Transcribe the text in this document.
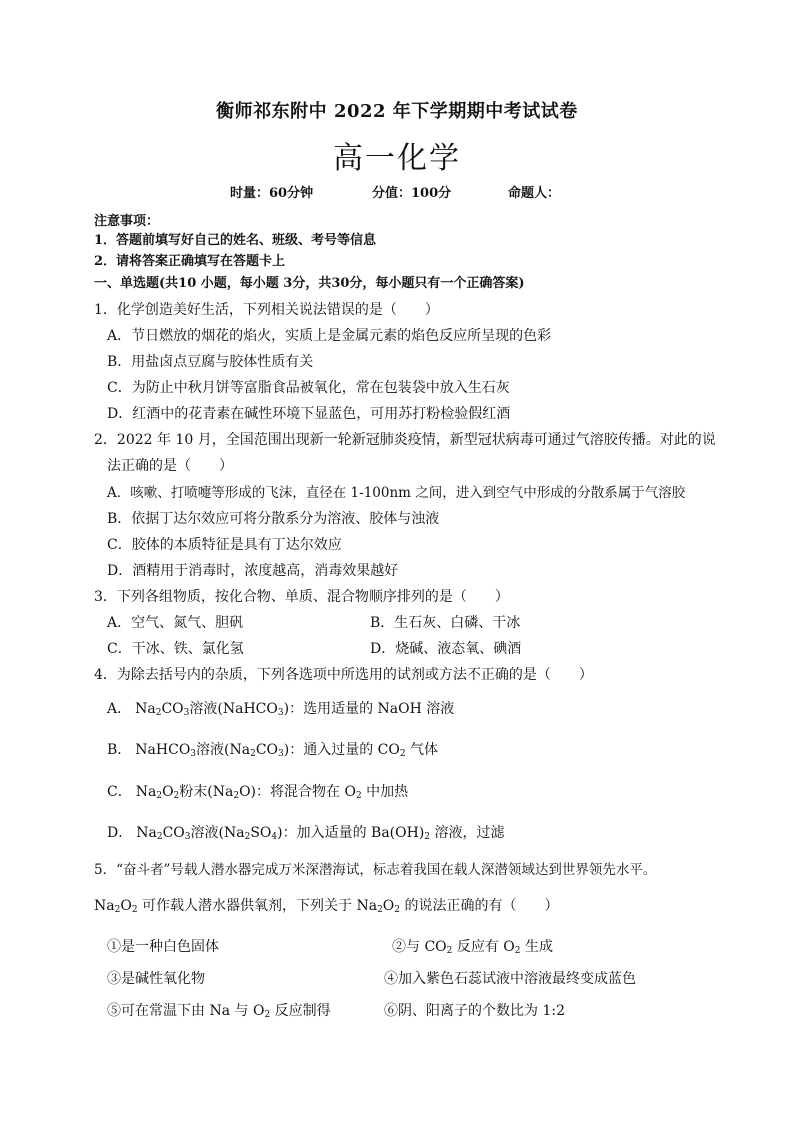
衡师祁东附中 2022 年下学期期中考试试卷
高一化学
时量：60分钟	分值：100分	命题人：
注意事项：
1．答题前填写好自己的姓名、班级、考号等信息
2．请将答案正确填写在答题卡上
一、单选题(共10 小题，每小题 3分，共30分，每小题只有一个正确答案)
1．化学创造美好生活，下列相关说法错误的是（　　）
A．节日燃放的烟花的焰火，实质上是金属元素的焰色反应所呈现的色彩
B．用盐卤点豆腐与胶体性质有关
C．为防止中秋月饼等富脂食品被氧化，常在包装袋中放入生石灰
D．红酒中的花青素在碱性环境下显蓝色，可用苏打粉检验假红酒
2．2022 年 10 月，全国范围出现新一轮新冠肺炎疫情，新型冠状病毒可通过气溶胶传播。对此的说
法正确的是（　　）
A．咳嗽、打喷嚏等形成的飞沫，直径在 1-100nm 之间，进入到空气中形成的分散系属于气溶胶
B．依据丁达尔效应可将分散系分为溶液、胶体与浊液
C．胶体的本质特征是具有丁达尔效应
D．酒精用于消毒时，浓度越高，消毒效果越好
3．下列各组物质，按化合物、单质、混合物顺序排列的是（　　）
A．空气、氮气、胆矾	B．生石灰、白磷、干冰
C．干冰、铁、氯化氢	D．烧碱、液态氧、碘酒
4．为除去括号内的杂质，下列各选项中所选用的试剂或方法不正确的是（　　）
A． $Na_2CO_3$溶液(NaHCO$_3$)：选用适量的 NaOH 溶液
B． NaHCO$_3$溶液$(Na_2CO_3)$：通入过量的 $CO_2$ 气体
C． $Na_2O_2$粉末$(Na_2O)$：将混合物在 $O_2$ 中加热
D． $Na_2CO_3$溶液$(Na_2SO_4)$：加入适量的 $Ba(OH)_2$ 溶液，过滤
5．“奋斗者”号载人潜水器完成万米深潜海试，标志着我国在载人深潜领域达到世界领先水平。
$Na_2O_2$ 可作载人潜水器供氧剂，下列关于 $Na_2O_2$ 的说法正确的有（　　）
①是一种白色固体	②与 $CO_2$ 反应有 $O_2$ 生成
③是碱性氧化物	④加入紫色石蕊试液中溶液最终变成蓝色
⑤可在常温下由 Na 与 $O_2$ 反应制得	⑥阴、阳离子的个数比为 1:2
